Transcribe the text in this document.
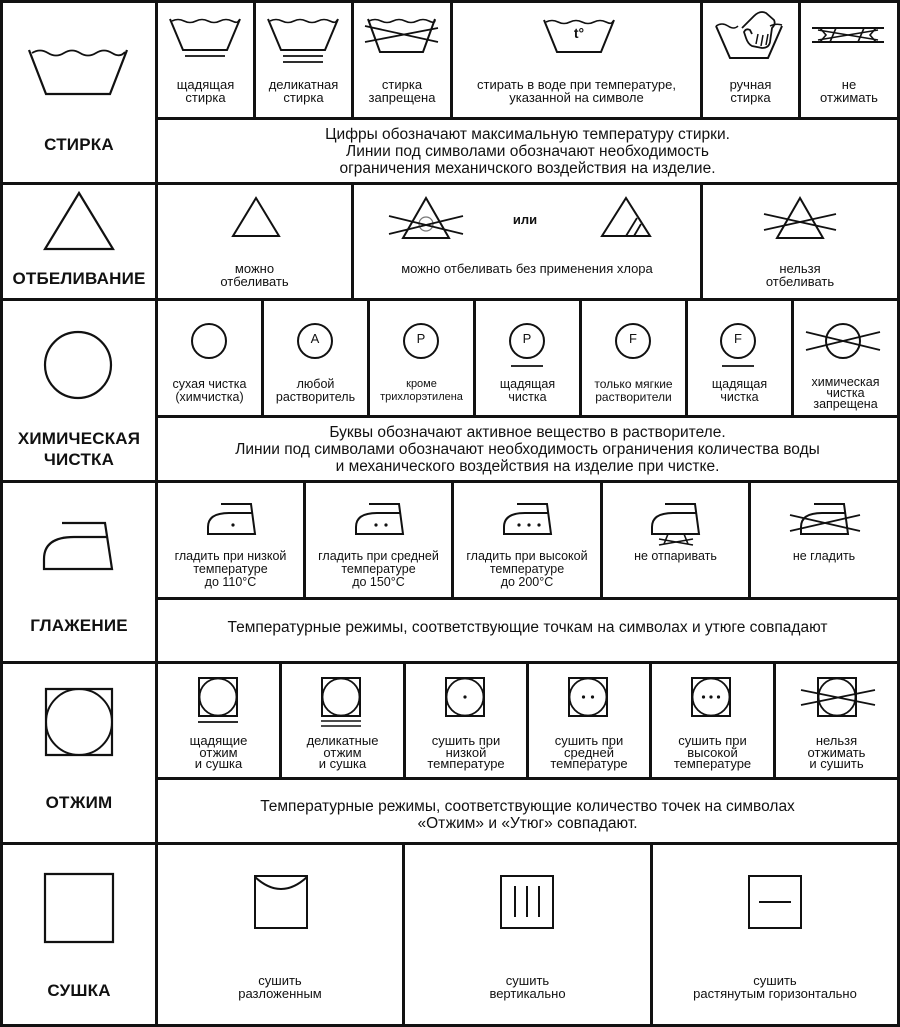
СТИРКА
щадящая
стирка
деликатная
стирка
стирка
запрещена
t°
стирать в воде при температуре,
указанной на символе
ручная
стирка
не
отжимать
Цифры обозначают максимальную температуру стирки.
Линии под символами обозначают необходимость
ограничения механичского воздействия на изделие.
ОТБЕЛИВАНИЕ
можно
отбеливать
или
можно отбеливать без применения хлора	нельзя
отбеливать
ХИМИЧЕСКАЯ
ЧИСТКА
сухая чистка
(химчистка)
A
любой
растворитель
P
кроме
трихлорэтилена
P
щадящая
чистка
F
только мягкие
растворители
F
щадящая
чистка
химическая
чистка
запрещена
Буквы обозначают активное вещество в растворителе.
Линии под символами обозначают необходимость ограничения количества воды
и механического воздействия на изделие при чистке.
ГЛАЖЕНИЕ
гладить при низкой
температуре
до 110°C
гладить при средней
температуре
до 150°C
гладить при высокой
температуре
до 200°C
не отпаривать	не гладить
Температурные режимы, соответствующие точкам на символах и утюге совпадают
ОТЖИМ
щадящие
отжим
и сушка
деликатные
отжим
и сушка
сушить при
низкой
температуре
сушить при
средней
температуре
сушить при
высокой
температуре
нельзя
отжимать
и сушить
Температурные режимы, соответствующие количество точек на символах
«Отжим» и «Утюг» совпадают.
СУШКА
сушить
разложенным
сушить
вертикально
сушить
растянутым горизонтально
